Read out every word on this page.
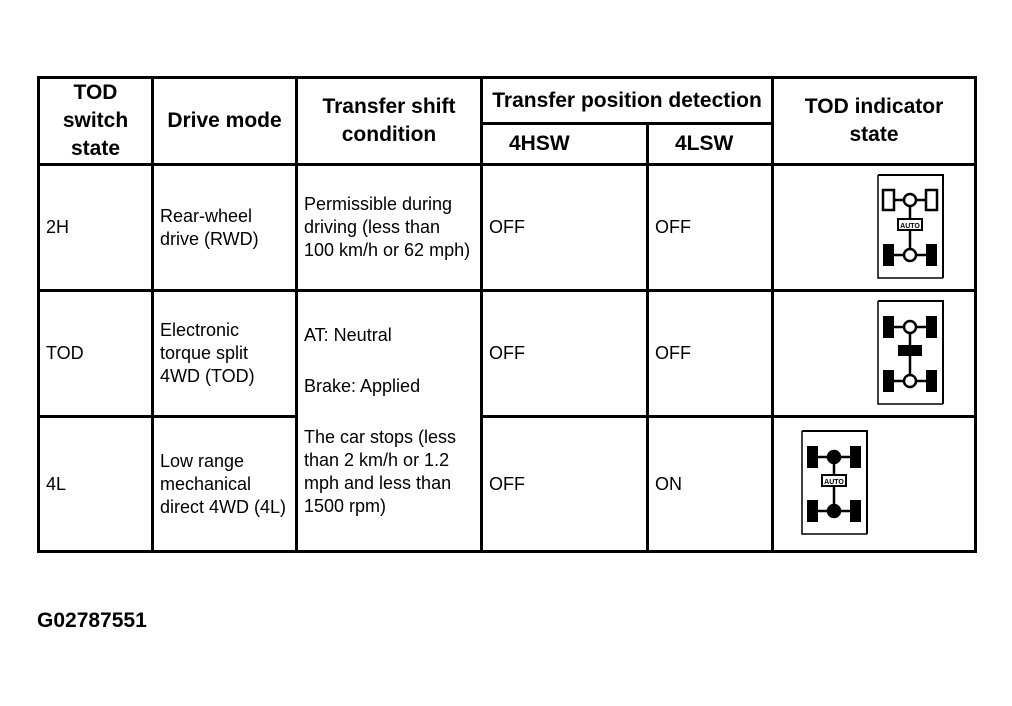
TOD switch state	Drive mode	Transfer shift condition	Transfer position detection		TOD indicator state
			4HSW	4LSW	
2H	Rear-wheel drive (RWD)	Permissible during driving (less than 100 km/h or 62 mph)	OFF	OFF	AUTO

TOD	Electronic torque split 4WD (TOD)	AT: Neutral
Brake: Applied
The car stops (less than 2 km/h or 1.2 mph and less than 1500 rpm)	OFF	OFF	
4L	Low range mechanical direct 4WD (4L)		OFF	ON	AUTO
G02787551
